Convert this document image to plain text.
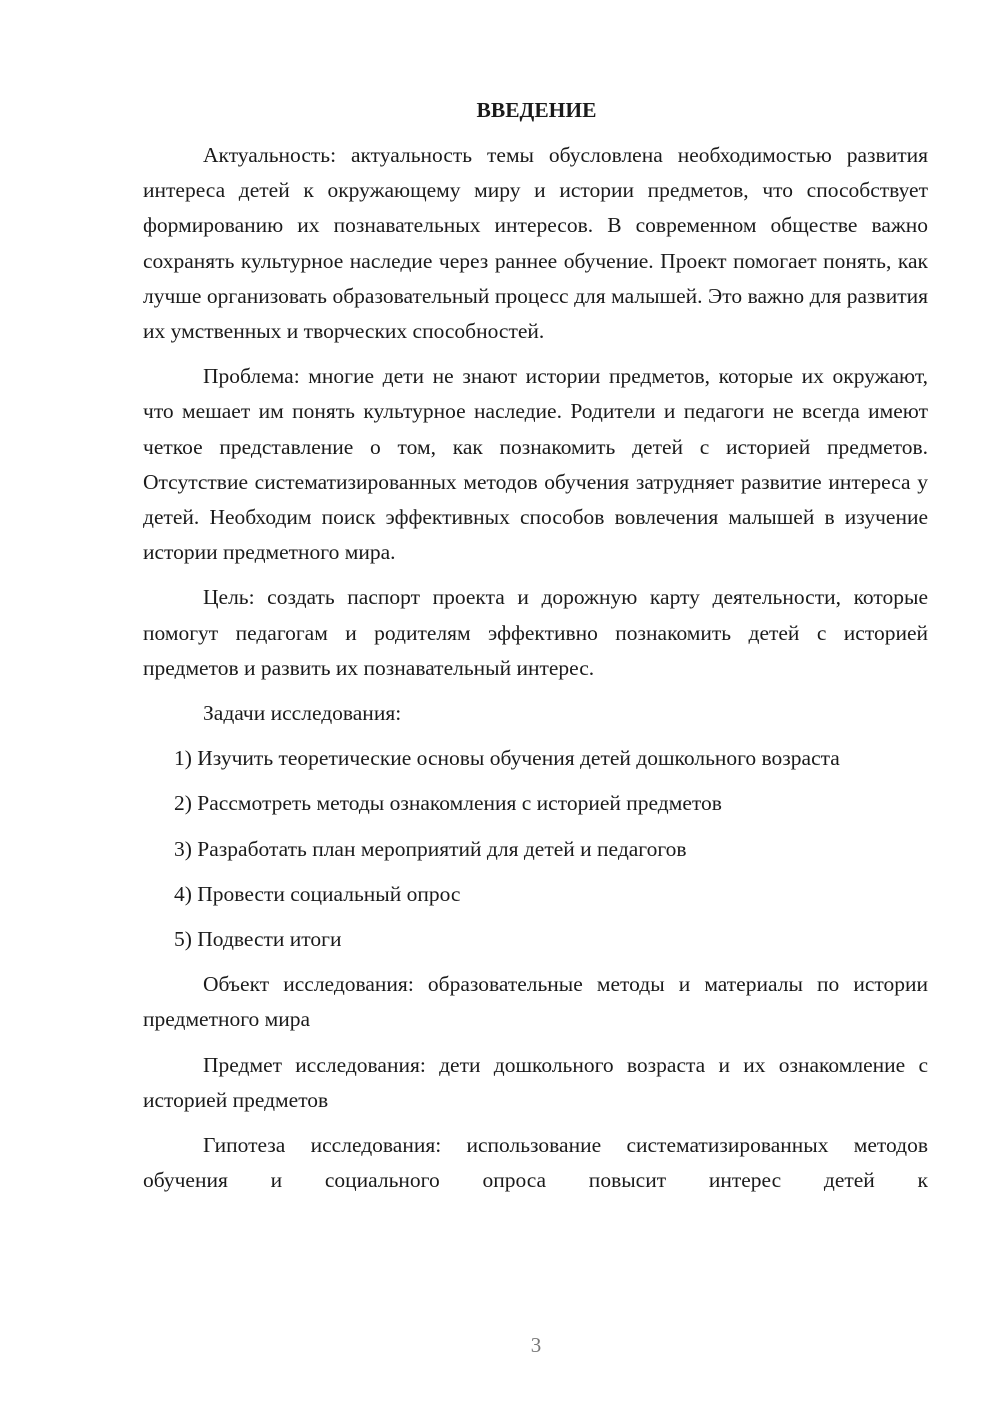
ВВЕДЕНИЕ

Актуальность: актуальность темы обусловлена необходимостью развития интереса детей к окружающему миру и истории предметов, что способствует формированию их познавательных интересов. В современном обществе важно сохранять культурное наследие через раннее обучение. Проект помогает понять, как лучше организовать образовательный процесс для малышей. Это важно для развития их умственных и творческих способностей.

Проблема: многие дети не знают истории предметов, которые их окружают, что мешает им понять культурное наследие. Родители и педагоги не всегда имеют четкое представление о том, как познакомить детей с историей предметов. Отсутствие систематизированных методов обучения затрудняет развитие интереса у детей. Необходим поиск эффективных способов вовлечения малышей в изучение истории предметного мира.

Цель: создать паспорт проекта и дорожную карту деятельности, которые помогут педагогам и родителям эффективно познакомить детей с историей предметов и развить их познавательный интерес.

Задачи исследования:

1) Изучить теоретические основы обучения детей дошкольного возраста

2) Рассмотреть методы ознакомления с историей предметов

3) Разработать план мероприятий для детей и педагогов

4) Провести социальный опрос

5) Подвести итоги

Объект исследования: образовательные методы и материалы по истории предметного мира

Предмет исследования: дети дошкольного возраста и их ознакомление с историей предметов

Гипотеза исследования: использование систематизированных методов обучения и социального опроса повысит интерес детей к

3
